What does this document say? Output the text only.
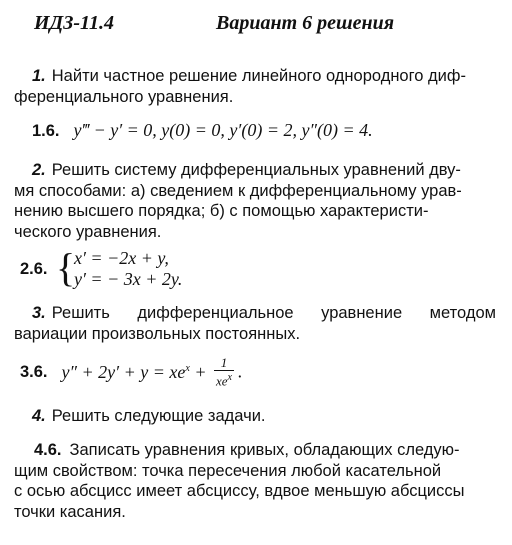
ИДЗ-11.4	Вариант 6 решения
1. Найти частное решение линейного однородного диф-
ференциального уравнения.
1.6. y‴ − y′ = 0, y(0) = 0, y′(0) = 2, y″(0) = 4.
2. Решить систему дифференциальных уравнений дву-
мя способами: а) сведением к дифференциальному урав-
нению высшего порядка; б) с помощью характеристи-
ческого уравнения.
2.6. {
x′ = −2x + y,
y′ = − 3x + 2y.
3. Решить дифференциальное уравнение методом
вариации произвольных постоянных.
3.6. $y'' + 2y' + y = xe^x + \frac{1}{xe^x}$ .
4. Решить следующие задачи.
4.6. Записать уравнения кривых, обладающих следую-
щим свойством: точка пересечения любой касательной
с осью абсцисс имеет абсциссу, вдвое меньшую абсциссы
точки касания.
